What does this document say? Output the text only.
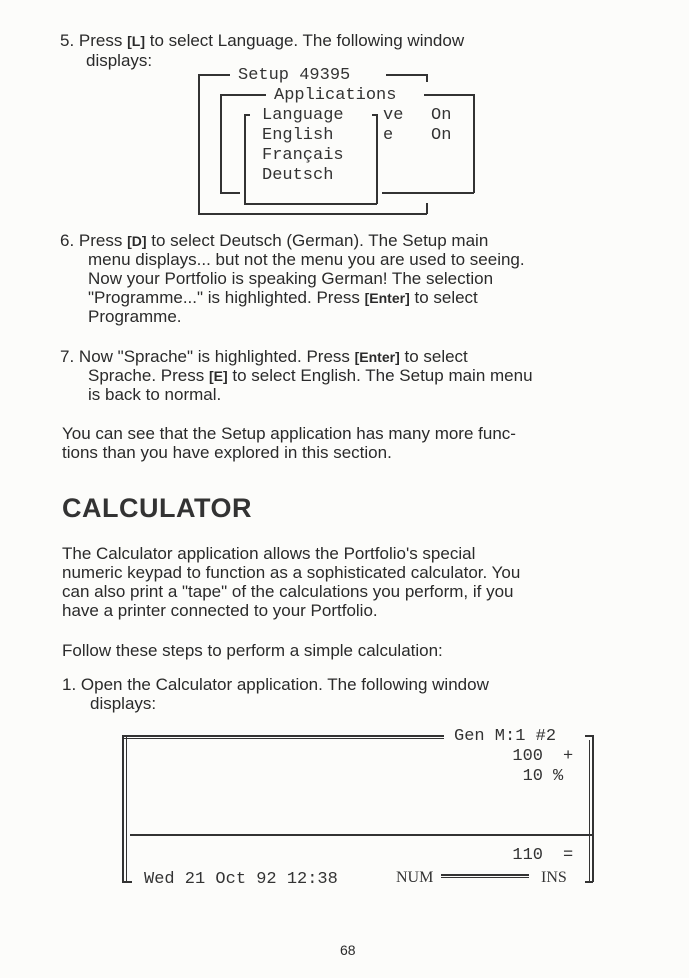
5. Press [L] to select Language. The following window
displays:
Setup 49395
Applications
Language
English
Français
Deutsch
ve
e
On
On
6. Press [D] to select Deutsch (German). The Setup main
menu displays... but not the menu you are used to seeing.
Now your Portfolio is speaking German! The selection
"Programme..." is highlighted. Press [Enter] to select
Programme.
7. Now "Sprache" is highlighted. Press [Enter] to select
Sprache. Press [E] to select English. The Setup main menu
is back to normal.
You can see that the Setup application has many more func-
tions than you have explored in this section.
CALCULATOR
The Calculator application allows the Portfolio's special
numeric keypad to function as a sophisticated calculator. You
can also print a "tape" of the calculations you perform, if you
have a printer connected to your Portfolio.
Follow these steps to perform a simple calculation:
1. Open the Calculator application. The following window
displays:
Gen M:1 #2
100 +
10 %
110 =
Wed 21 Oct 92 12:38	NUM	INS
68
